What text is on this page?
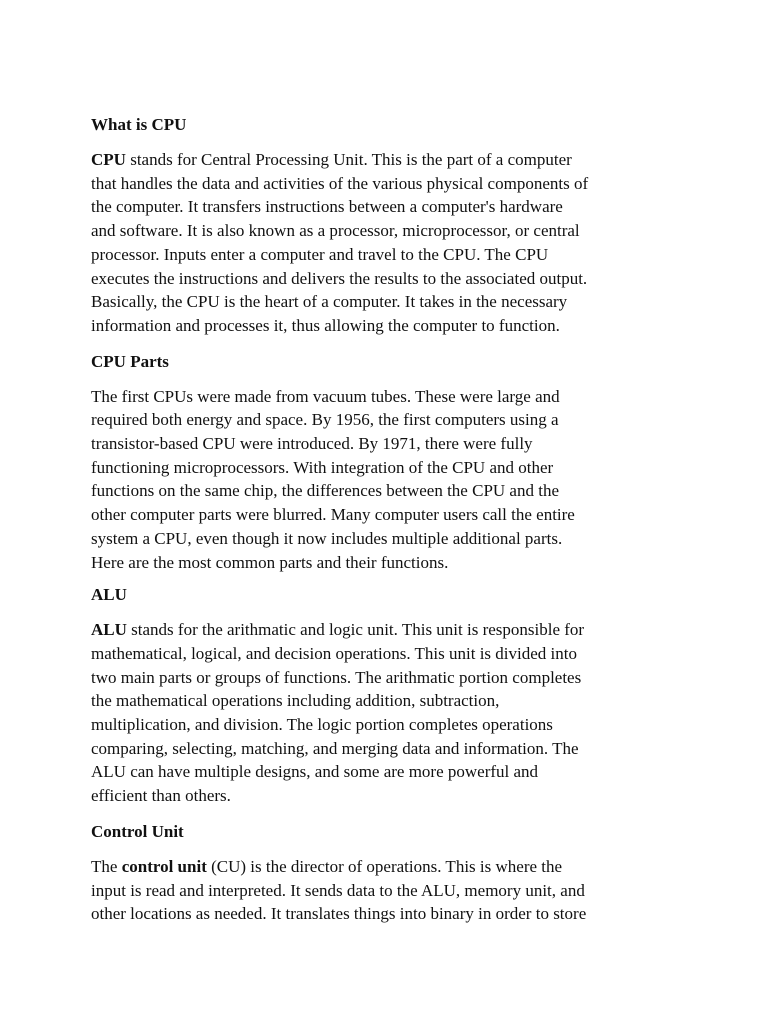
What is CPU
CPU stands for Central Processing Unit. This is the part of a computer
that handles the data and activities of the various physical components of
the computer. It transfers instructions between a computer's hardware
and software. It is also known as a processor, microprocessor, or central
processor. Inputs enter a computer and travel to the CPU. The CPU
executes the instructions and delivers the results to the associated output.
Basically, the CPU is the heart of a computer. It takes in the necessary
information and processes it, thus allowing the computer to function.
CPU Parts
The first CPUs were made from vacuum tubes. These were large and
required both energy and space. By 1956, the first computers using a
transistor-based CPU were introduced. By 1971, there were fully
functioning microprocessors. With integration of the CPU and other
functions on the same chip, the differences between the CPU and the
other computer parts were blurred. Many computer users call the entire
system a CPU, even though it now includes multiple additional parts.
Here are the most common parts and their functions.
ALU
ALU stands for the arithmatic and logic unit. This unit is responsible for
mathematical, logical, and decision operations. This unit is divided into
two main parts or groups of functions. The arithmatic portion completes
the mathematical operations including addition, subtraction,
multiplication, and division. The logic portion completes operations
comparing, selecting, matching, and merging data and information. The
ALU can have multiple designs, and some are more powerful and
efficient than others.
Control Unit
The control unit (CU) is the director of operations. This is where the
input is read and interpreted. It sends data to the ALU, memory unit, and
other locations as needed. It translates things into binary in order to store
